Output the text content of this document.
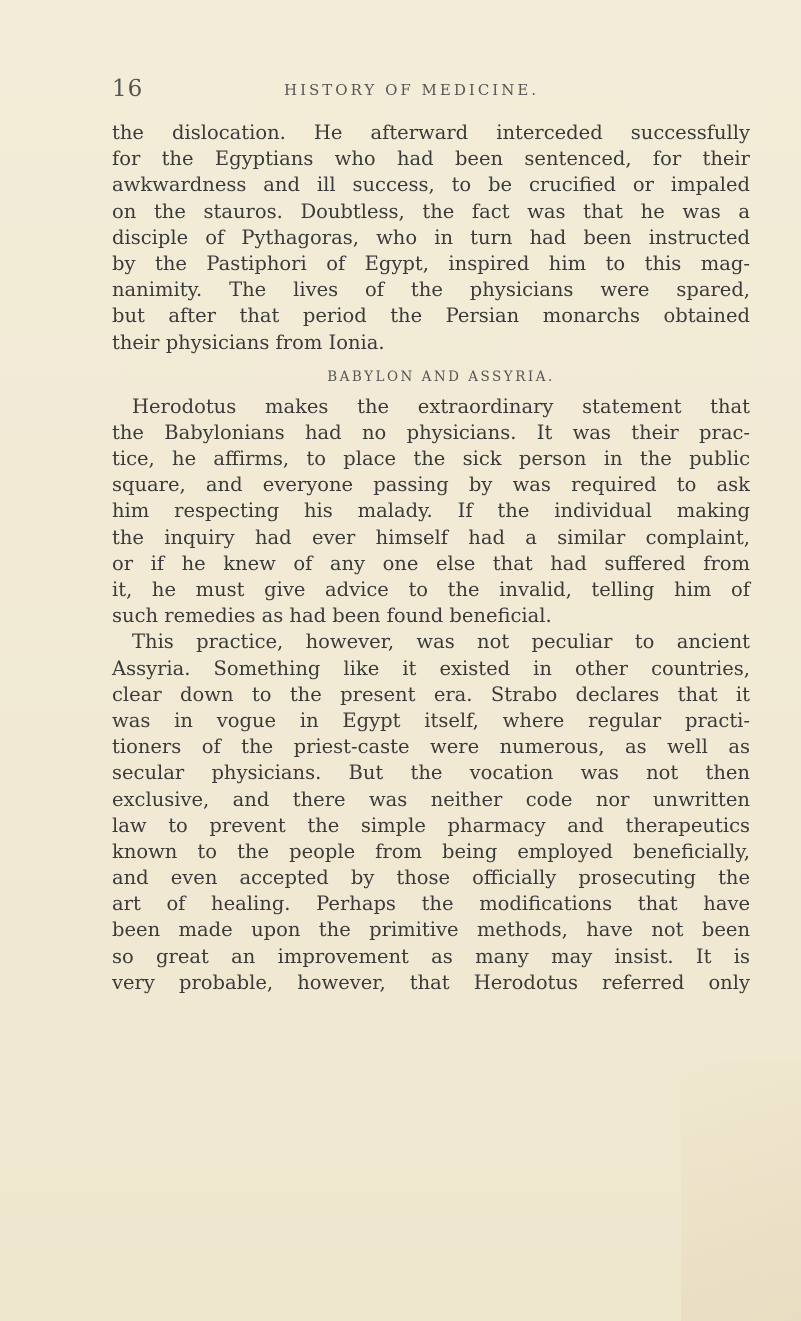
16	HISTORY OF MEDICINE.
the dislocation. He afterward interceded successfully
for the Egyptians who had been sentenced, for their
awkwardness and ill success, to be crucified or impaled
on the stauros. Doubtless, the fact was that he was a
disciple of Pythagoras, who in turn had been instructed
by the Pastiphori of Egypt, inspired him to this mag-
nanimity. The lives of the physicians were spared,
but after that period the Persian monarchs obtained
their physicians from Ionia.
BABYLON AND ASSYRIA.
Herodotus makes the extraordinary statement that
the Babylonians had no physicians. It was their prac-
tice, he affirms, to place the sick person in the public
square, and everyone passing by was required to ask
him respecting his malady. If the individual making
the inquiry had ever himself had a similar complaint,
or if he knew of any one else that had suffered from
it, he must give advice to the invalid, telling him of
such remedies as had been found beneficial.
This practice, however, was not peculiar to ancient
Assyria. Something like it existed in other countries,
clear down to the present era. Strabo declares that it
was in vogue in Egypt itself, where regular practi-
tioners of the priest-caste were numerous, as well as
secular physicians. But the vocation was not then
exclusive, and there was neither code nor unwritten
law to prevent the simple pharmacy and therapeutics
known to the people from being employed beneficially,
and even accepted by those officially prosecuting the
art of healing. Perhaps the modifications that have
been made upon the primitive methods, have not been
so great an improvement as many may insist. It is
very probable, however, that Herodotus referred only
